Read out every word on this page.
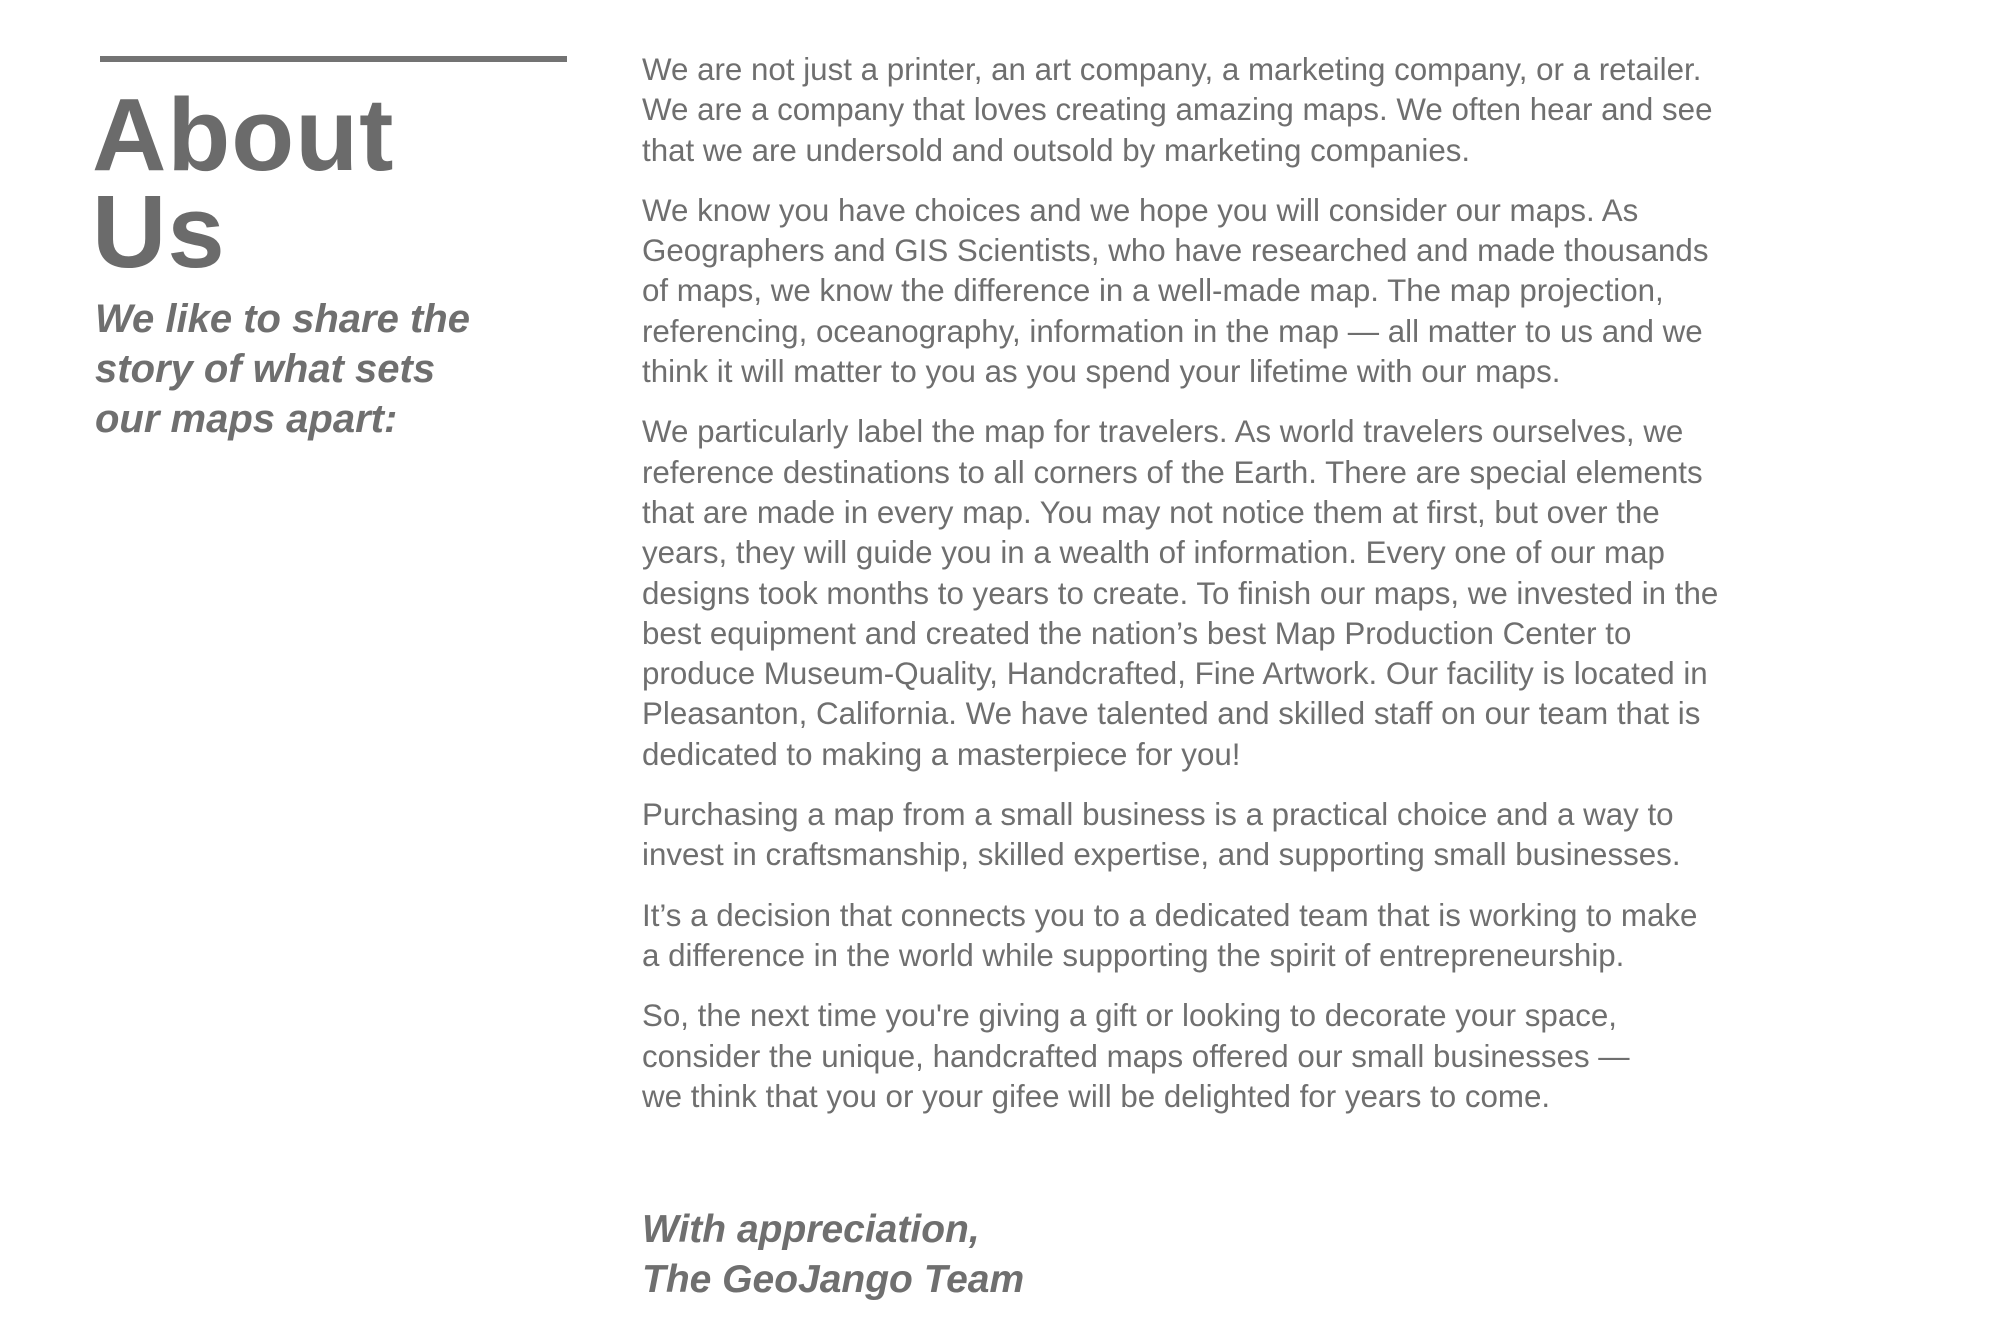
About
Us

We like to share the
story of what sets
our maps apart:

We are not just a printer, an art company, a marketing company, or a retailer.
We are a company that loves creating amazing maps. We often hear and see
that we are undersold and outsold by marketing companies.

We know you have choices and we hope you will consider our maps. As
Geographers and GIS Scientists, who have researched and made thousands
of maps, we know the difference in a well-made map. The map projection,
referencing, oceanography, information in the map — all matter to us and we
think it will matter to you as you spend your lifetime with our maps.

We particularly label the map for travelers. As world travelers ourselves, we
reference destinations to all corners of the Earth. There are special elements
that are made in every map. You may not notice them at first, but over the
years, they will guide you in a wealth of information. Every one of our map
designs took months to years to create. To finish our maps, we invested in the
best equipment and created the nation’s best Map Production Center to
produce Museum-Quality, Handcrafted, Fine Artwork. Our facility is located in
Pleasanton, California. We have talented and skilled staff on our team that is
dedicated to making a masterpiece for you!

Purchasing a map from a small business is a practical choice and a way to
invest in craftsmanship, skilled expertise, and supporting small businesses.

It’s a decision that connects you to a dedicated team that is working to make
a difference in the world while supporting the spirit of entrepreneurship.

So, the next time you're giving a gift or looking to decorate your space,
consider the unique, handcrafted maps offered our small businesses —
we think that you or your gifee will be delighted for years to come.

With appreciation,
The GeoJango Team
